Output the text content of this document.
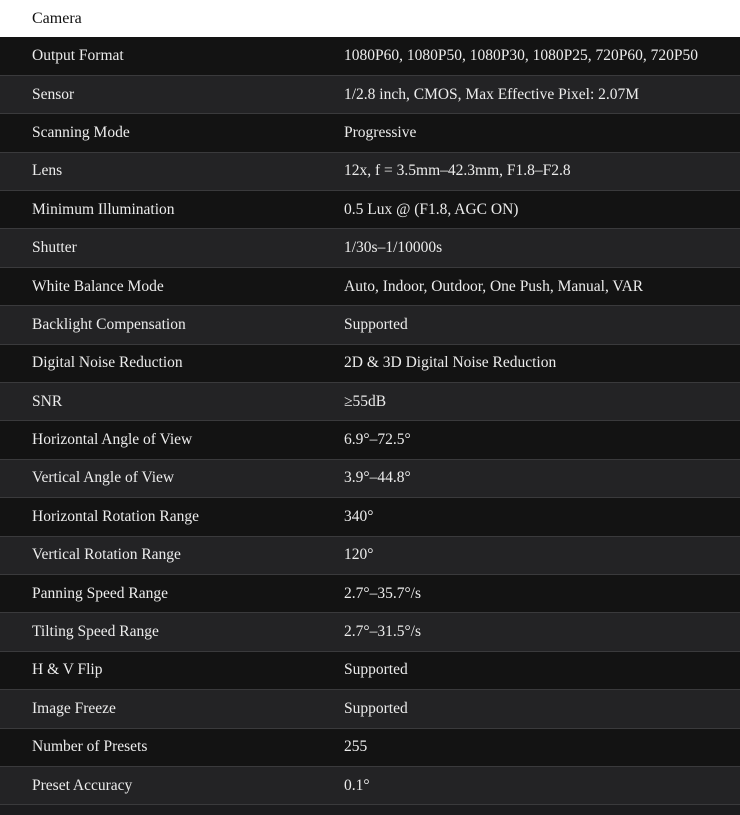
Camera
Output Format	1080P60, 1080P50, 1080P30, 1080P25, 720P60, 720P50
Sensor	1/2.8 inch, CMOS, Max Effective Pixel: 2.07M
Scanning Mode	Progressive
Lens	12x, f = 3.5mm–42.3mm, F1.8–F2.8
Minimum Illumination	0.5 Lux @ (F1.8, AGC ON)
Shutter	1/30s–1/10000s
White Balance Mode	Auto, Indoor, Outdoor, One Push, Manual, VAR
Backlight Compensation	Supported
Digital Noise Reduction	2D & 3D Digital Noise Reduction
SNR	≥55dB
Horizontal Angle of View	6.9°–72.5°
Vertical Angle of View	3.9°–44.8°
Horizontal Rotation Range	340°
Vertical Rotation Range	120°
Panning Speed Range	2.7°–35.7°/s
Tilting Speed Range	2.7°–31.5°/s
H & V Flip	Supported
Image Freeze	Supported
Number of Presets	255
Preset Accuracy	0.1°
